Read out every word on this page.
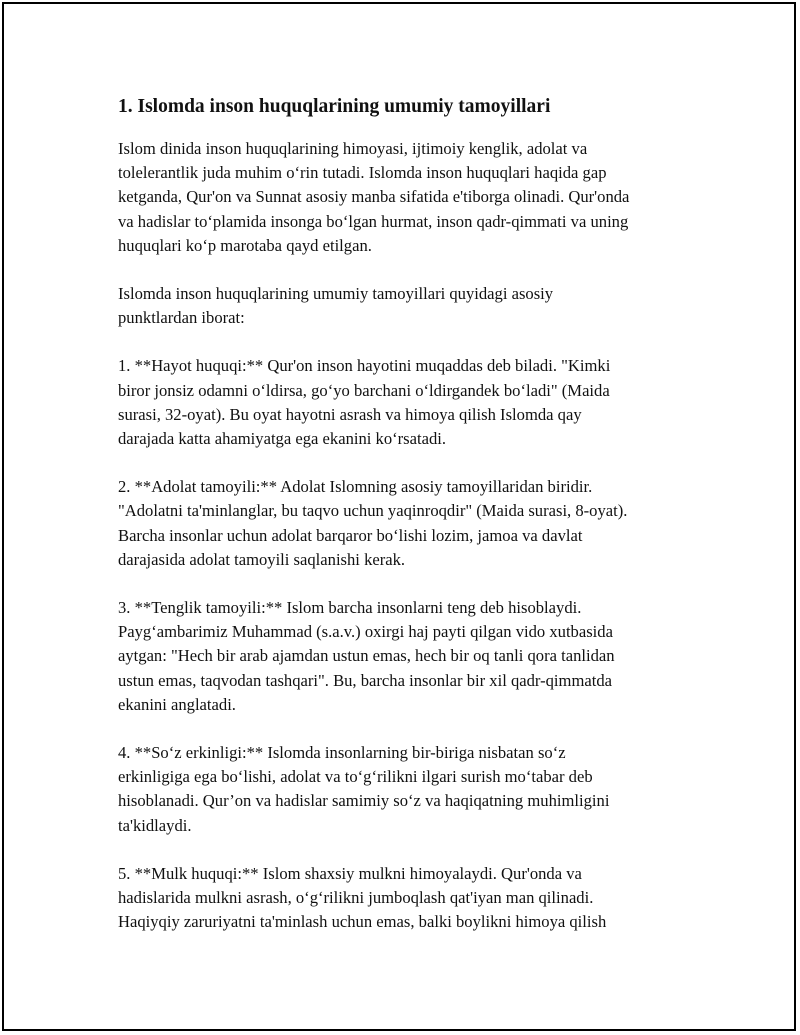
1. Islomda inson huquqlarining umumiy tamoyillari

Islom dinida inson huquqlarining himoyasi, ijtimoiy kenglik, adolat va
tolelerantlik juda muhim oʻrin tutadi. Islomda inson huquqlari haqida gap
ketganda, Qur'on va Sunnat asosiy manba sifatida e'tiborga olinadi. Qur'onda
va hadislar toʻplamida insonga boʻlgan hurmat, inson qadr-qimmati va uning
huquqlari koʻp marotaba qayd etilgan.

Islomda inson huquqlarining umumiy tamoyillari quyidagi asosiy
punktlardan iborat:

1. **Hayot huquqi:** Qur'on inson hayotini muqaddas deb biladi. "Kimki
biror jonsiz odamni oʻldirsa, goʻyo barchani oʻldirgandek boʻladi" (Maida
surasi, 32-oyat). Bu oyat hayotni asrash va himoya qilish Islomda qay
darajada katta ahamiyatga ega ekanini koʻrsatadi.

2. **Adolat tamoyili:** Adolat Islomning asosiy tamoyillaridan biridir.
"Adolatni ta'minlanglar, bu taqvo uchun yaqinroqdir" (Maida surasi, 8-oyat).
Barcha insonlar uchun adolat barqaror boʻlishi lozim, jamoa va davlat
darajasida adolat tamoyili saqlanishi kerak.

3. **Tenglik tamoyili:** Islom barcha insonlarni teng deb hisoblaydi.
Paygʻambarimiz Muhammad (s.a.v.) oxirgi haj payti qilgan vido xutbasida
aytgan: "Hech bir arab ajamdan ustun emas, hech bir oq tanli qora tanlidan
ustun emas, taqvodan tashqari". Bu, barcha insonlar bir xil qadr-qimmatda
ekanini anglatadi.

4. **Soʻz erkinligi:** Islomda insonlarning bir-biriga nisbatan soʻz
erkinligiga ega boʻlishi, adolat va toʻgʻrilikni ilgari surish moʻtabar deb
hisoblanadi. Qur’on va hadislar samimiy soʻz va haqiqatning muhimligini
ta'kidlaydi.

5. **Mulk huquqi:** Islom shaxsiy mulkni himoyalaydi. Qur'onda va
hadislarida mulkni asrash, oʻgʻrilikni jumboqlash qat'iyan man qilinadi.
Haqiyqiy zaruriyatni ta'minlash uchun emas, balki boylikni himoya qilish
